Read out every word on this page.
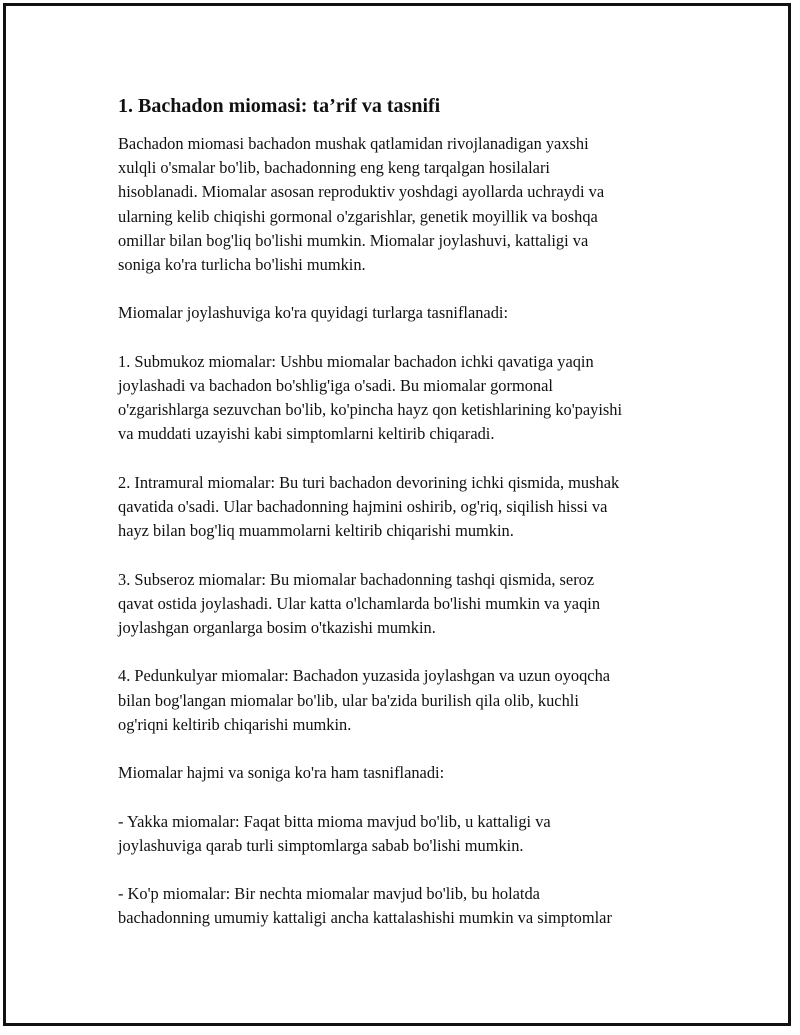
1. Bachadon miomasi: ta’rif va tasnifi

Bachadon miomasi bachadon mushak qatlamidan rivojlanadigan yaxshi
xulqli o'smalar bo'lib, bachadonning eng keng tarqalgan hosilalari
hisoblanadi. Miomalar asosan reproduktiv yoshdagi ayollarda uchraydi va
ularning kelib chiqishi gormonal o'zgarishlar, genetik moyillik va boshqa
omillar bilan bog'liq bo'lishi mumkin. Miomalar joylashuvi, kattaligi va
soniga ko'ra turlicha bo'lishi mumkin.

Miomalar joylashuviga ko'ra quyidagi turlarga tasniflanadi:

1. Submukoz miomalar: Ushbu miomalar bachadon ichki qavatiga yaqin
joylashadi va bachadon bo'shlig'iga o'sadi. Bu miomalar gormonal
o'zgarishlarga sezuvchan bo'lib, ko'pincha hayz qon ketishlarining ko'payishi
va muddati uzayishi kabi simptomlarni keltirib chiqaradi.

2. Intramural miomalar: Bu turi bachadon devorining ichki qismida, mushak
qavatida o'sadi. Ular bachadonning hajmini oshirib, og'riq, siqilish hissi va
hayz bilan bog'liq muammolarni keltirib chiqarishi mumkin.

3. Subseroz miomalar: Bu miomalar bachadonning tashqi qismida, seroz
qavat ostida joylashadi. Ular katta o'lchamlarda bo'lishi mumkin va yaqin
joylashgan organlarga bosim o'tkazishi mumkin.

4. Pedunkulyar miomalar: Bachadon yuzasida joylashgan va uzun oyoqcha
bilan bog'langan miomalar bo'lib, ular ba'zida burilish qila olib, kuchli
og'riqni keltirib chiqarishi mumkin.

Miomalar hajmi va soniga ko'ra ham tasniflanadi:

- Yakka miomalar: Faqat bitta mioma mavjud bo'lib, u kattaligi va
joylashuviga qarab turli simptomlarga sabab bo'lishi mumkin.

- Ko'p miomalar: Bir nechta miomalar mavjud bo'lib, bu holatda
bachadonning umumiy kattaligi ancha kattalashishi mumkin va simptomlar
